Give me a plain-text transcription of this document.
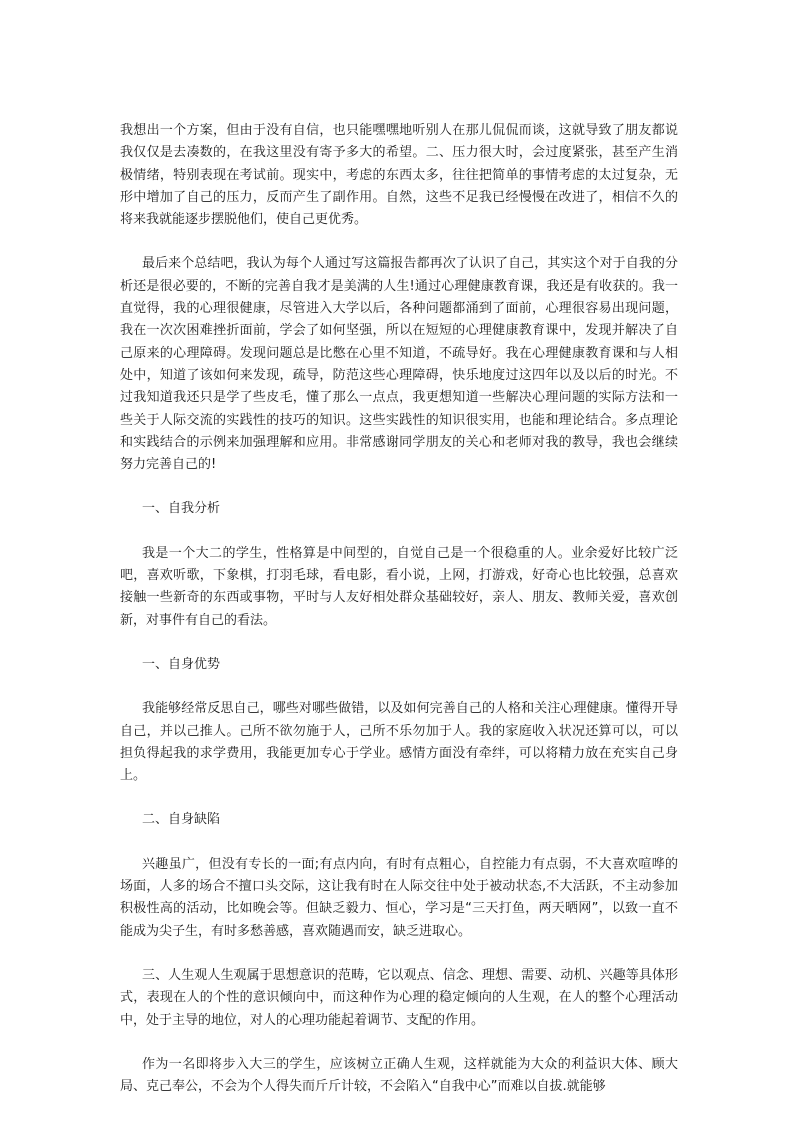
我想出一个方案，但由于没有自信，也只能嘿嘿地听别人在那儿侃侃而谈，这就导致了朋友都说我仅仅是去凑数的，在我这里没有寄予多大的希望。二、压力很大时，会过度紧张，甚至产生消极情绪，特别表现在考试前。现实中，考虑的东西太多，往往把简单的事情考虑的太过复杂，无形中增加了自己的压力，反而产生了副作用。自然，这些不足我已经慢慢在改进了，相信不久的将来我就能逐步摆脱他们，使自己更优秀。

最后来个总结吧，我认为每个人通过写这篇报告都再次了认识了自己，其实这个对于自我的分析还是很必要的，不断的完善自我才是美满的人生!通过心理健康教育课，我还是有收获的。我一直觉得，我的心理很健康，尽管进入大学以后，各种问题都涌到了面前，心理很容易出现问题，我在一次次困难挫折面前，学会了如何坚强，所以在短短的心理健康教育课中，发现并解决了自己原来的心理障碍。发现问题总是比憋在心里不知道，不疏导好。我在心理健康教育课和与人相处中，知道了该如何来发现，疏导，防范这些心理障碍，快乐地度过这四年以及以后的时光。不过我知道我还只是学了些皮毛，懂了那么一点点，我更想知道一些解决心理问题的实际方法和一些关于人际交流的实践性的技巧的知识。这些实践性的知识很实用，也能和理论结合。多点理论和实践结合的示例来加强理解和应用。非常感谢同学朋友的关心和老师对我的教导，我也会继续努力完善自己的!

一、自我分析

我是一个大二的学生，性格算是中间型的，自觉自己是一个很稳重的人。业余爱好比较广泛吧，喜欢听歌，下象棋，打羽毛球，看电影，看小说，上网，打游戏，好奇心也比较强，总喜欢接触一些新奇的东西或事物，平时与人友好相处群众基础较好，亲人、朋友、教师关爱，喜欢创新，对事件有自己的看法。

一、自身优势

我能够经常反思自己，哪些对哪些做错，以及如何完善自己的人格和关注心理健康。懂得开导自己，并以己推人。己所不欲勿施于人，己所不乐勿加于人。我的家庭收入状况还算可以，可以担负得起我的求学费用，我能更加专心于学业。感情方面没有牵绊，可以将精力放在充实自己身上。

二、自身缺陷

兴趣虽广，但没有专长的一面;有点内向，有时有点粗心，自控能力有点弱，不大喜欢喧哗的场面，人多的场合不擅口头交际，这让我有时在人际交往中处于被动状态,不大活跃，不主动参加积极性高的活动，比如晚会等。但缺乏毅力、恒心，学习是“三天打鱼，两天晒网”，以致一直不能成为尖子生，有时多愁善感，喜欢随遇而安，缺乏进取心。

三、人生观人生观属于思想意识的范畴，它以观点、信念、理想、需要、动机、兴趣等具体形式，表现在人的个性的意识倾向中，而这种作为心理的稳定倾向的人生观，在人的整个心理活动中，处于主导的地位，对人的心理功能起着调节、支配的作用。

作为一名即将步入大三的学生，应该树立正确人生观，这样就能为大众的利益识大体、顾大局、克己奉公，不会为个人得失而斤斤计较，不会陷入“自我中心”而难以自拔.就能够
